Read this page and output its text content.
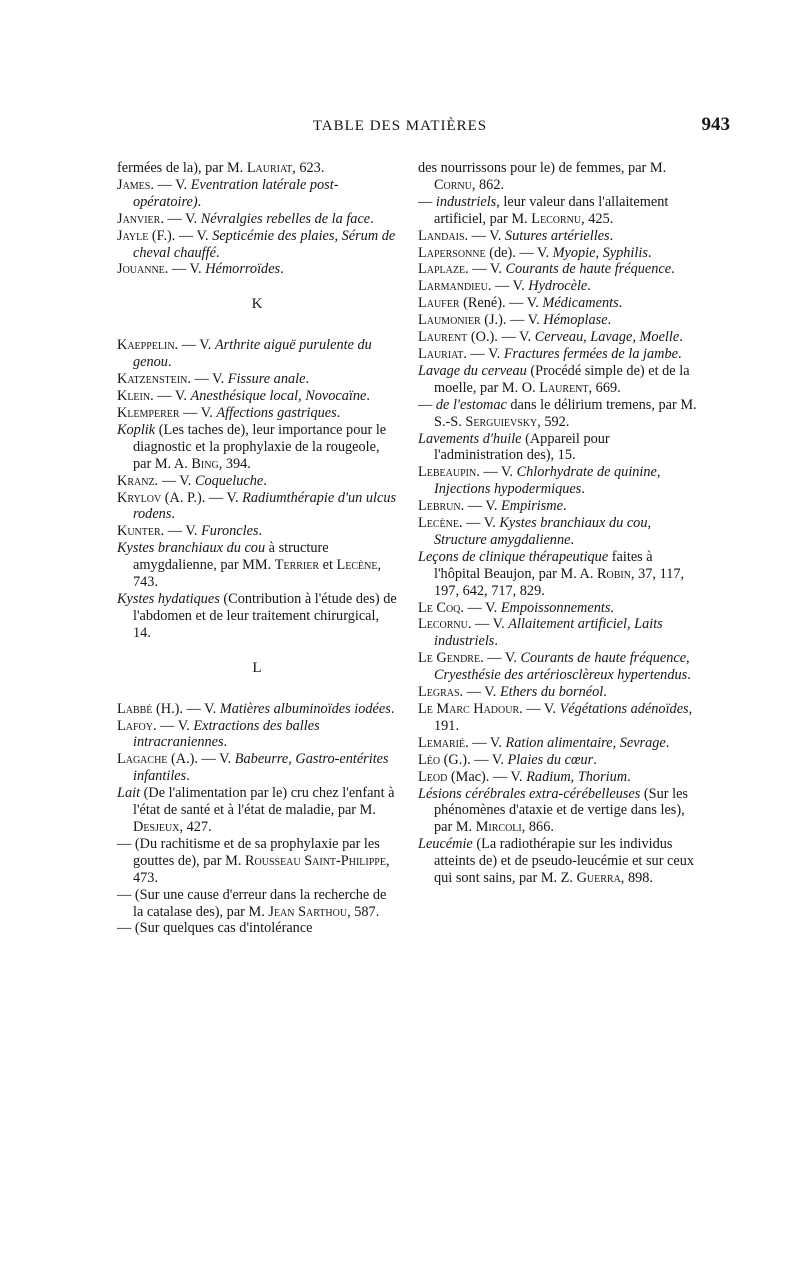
TABLE DES MATIÈRES	943
fermées de la), par M. Lauriat, 623.
James. — V. Eventration latérale post-opératoire).
Janvier. — V. Névralgies rebelles de la face.
Jayle (F.). — V. Septicémie des plaies, Sérum de cheval chauffé.
Jouanne. — V. Hémorroïdes.
K
Kaeppelin. — V. Arthrite aiguë purulente du genou.
Katzenstein. — V. Fissure anale.
Klein. — V. Anesthésique local, Novocaïne.
Klemperer — V. Affections gastriques.
Koplik (Les taches de), leur importance pour le diagnostic et la prophylaxie de la rougeole, par M. A. Bing, 394.
Kranz. — V. Coqueluche.
Krylov (A. P.). — V. Radiumthérapie d'un ulcus rodens.
Kunter. — V. Furoncles.
Kystes branchiaux du cou à structure amygdalienne, par MM. Terrier et Lecène, 743.
Kystes hydatiques (Contribution à l'étude des) de l'abdomen et de leur traitement chirurgical, 14.
L
Labbé (H.). — V. Matières albuminoïdes iodées.
Lafoy. — V. Extractions des balles intracraniennes.
Lagache (A.). — V. Babeurre, Gastro-entérites infantiles.
Lait (De l'alimentation par le) cru chez l'enfant à l'état de santé et à l'état de maladie, par M. Desjeux, 427.
— (Du rachitisme et de sa prophylaxie par les gouttes de), par M. Rousseau Saint-Philippe, 473.
— (Sur une cause d'erreur dans la recherche de la catalase des), par M. Jean Sarthou, 587.
— (Sur quelques cas d'intolérance
des nourrissons pour le) de femmes, par M. Cornu, 862.
— industriels, leur valeur dans l'allaitement artificiel, par M. Lecornu, 425.
Landais. — V. Sutures artérielles.
Lapersonne (de). — V. Myopie, Syphilis.
Laplaze. — V. Courants de haute fréquence.
Larmandieu. — V. Hydrocèle.
Laufer (René). — V. Médicaments.
Laumonier (J.). — V. Hémoplase.
Laurent (O.). — V. Cerveau, Lavage, Moelle.
Lauriat. — V. Fractures fermées de la jambe.
Lavage du cerveau (Procédé simple de) et de la moelle, par M. O. Laurent, 669.
— de l'estomac dans le délirium tremens, par M. S.-S. Serguievsky, 592.
Lavements d'huile (Appareil pour l'administration des), 15.
Lebeaupin. — V. Chlorhydrate de quinine, Injections hypodermiques.
Lebrun. — V. Empirisme.
Lecène. — V. Kystes branchiaux du cou, Structure amygdalienne.
Leçons de clinique thérapeutique faites à l'hôpital Beaujon, par M. A. Robin, 37, 117, 197, 642, 717, 829.
Le Coq. — V. Empoissonnements.
Lecornu. — V. Allaitement artificiel, Laits industriels.
Le Gendre. — V. Courants de haute fréquence, Cryesthésie des artériosclèreux hypertendus.
Legras. — V. Ethers du bornéol.
Le Marc Hadour. — V. Végétations adénoïdes, 191.
Lemarié. — V. Ration alimentaire, Sevrage.
Léo (G.). — V. Plaies du cœur.
Leod (Mac). — V. Radium, Thorium.
Lésions cérébrales extra-cérébelleuses (Sur les phénomènes d'ataxie et de vertige dans les), par M. Mircoli, 866.
Leucémie (La radiothérapie sur les individus atteints de) et de pseudo-leucémie et sur ceux qui sont sains, par M. Z. Guerra, 898.
